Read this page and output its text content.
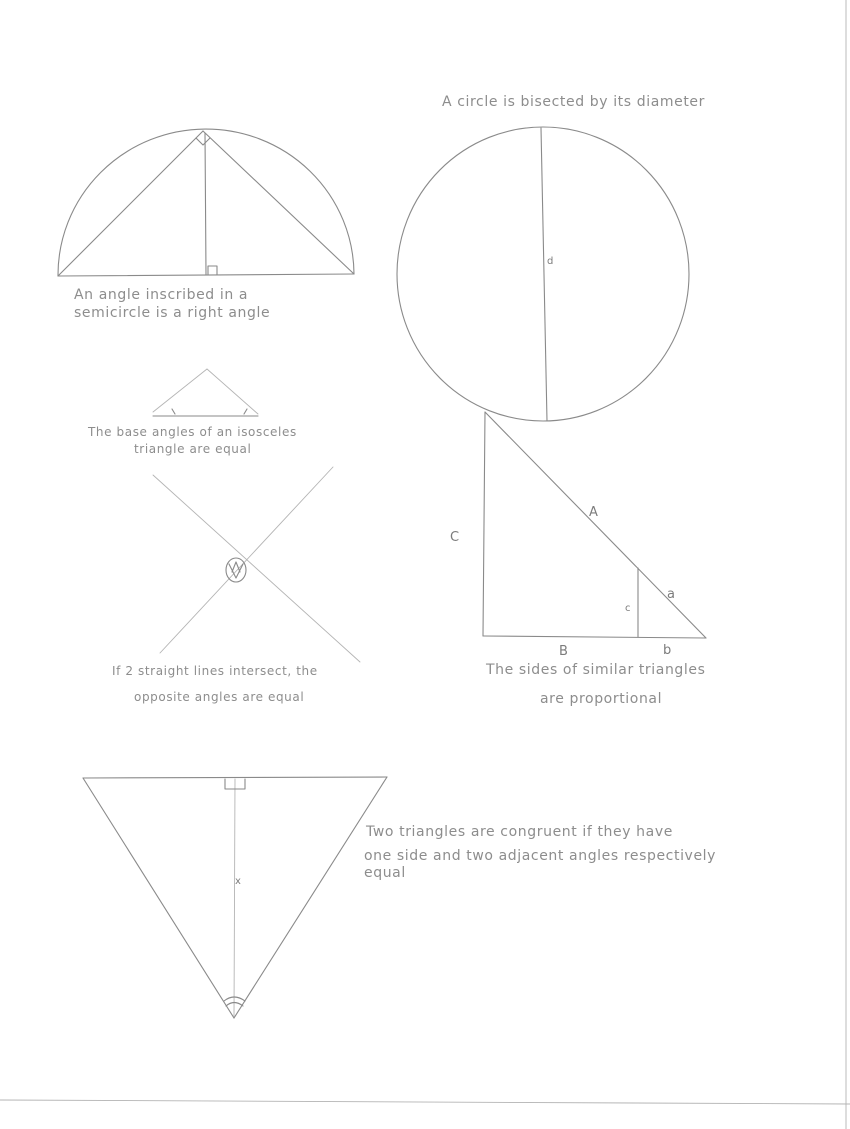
An angle inscribed in a
semicircle is a right angle
A circle is bisected by its diameter
d
The base angles of an isosceles
triangle are equal
If 2 straight lines intersect, the
opposite angles are equal
A
C
B
a
c
b
The sides of similar triangles
are proportional
x
Two triangles are congruent if they have
one side and two adjacent angles respectively
equal
